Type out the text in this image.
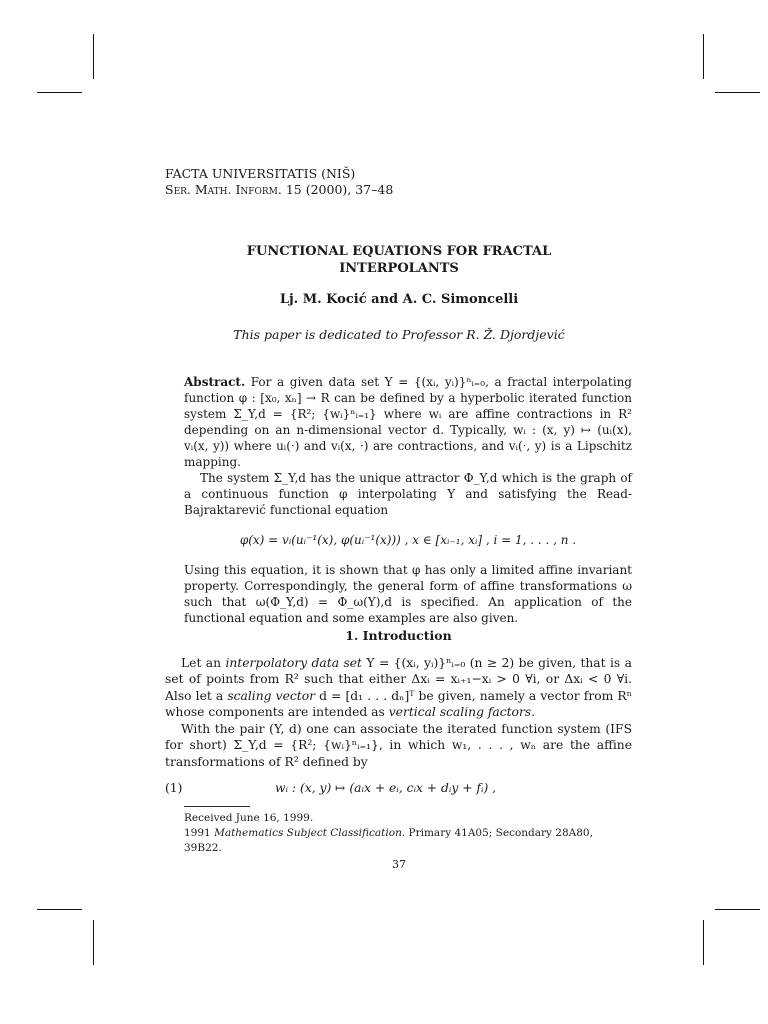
FACTA UNIVERSITATIS (NIŠ)
Ser. Math. Inform. 15 (2000), 37–48
FUNCTIONAL EQUATIONS FOR FRACTAL
INTERPOLANTS
Lj. M. Kocić and A. C. Simoncelli
This paper is dedicated to Professor R. Ž. Djordjević

Abstract. For a given data set Y = {(xᵢ, yᵢ)}ⁿᵢ₌₀, a fractal interpolating function φ : [x₀, xₙ] → R can be defined by a hyperbolic iterated function system Σ_Y,d = {R²; {wᵢ}ⁿᵢ₌₁} where wᵢ are affine contractions in R² depending on an n-dimensional vector d. Typically, wᵢ : (x, y) ↦ (uᵢ(x), vᵢ(x, y)) where uᵢ(·) and vᵢ(x, ·) are contractions, and vᵢ(·, y) is a Lipschitz mapping.

The system Σ_Y,d has the unique attractor Φ_Y,d which is the graph of a continuous function φ interpolating Y and satisfying the Read-Bajraktarević functional equation

φ(x) = vᵢ(uᵢ⁻¹(x), φ(uᵢ⁻¹(x))) , x ∈ [xᵢ₋₁, xᵢ] , i = 1, . . . , n .

Using this equation, it is shown that φ has only a limited affine invariant property. Correspondingly, the general form of affine transformations ω such that ω(Φ_Y,d) = Φ_ω(Y),d is specified. An application of the functional equation and some examples are also given.

1. Introduction

Let an interpolatory data set Y = {(xᵢ, yᵢ)}ⁿᵢ₌₀ (n ≥ 2) be given, that is a set of points from R² such that either Δxᵢ = xᵢ₊₁−xᵢ > 0 ∀i, or Δxᵢ < 0 ∀i. Also let a scaling vector d = [d₁ . . . dₙ]ᵀ be given, namely a vector from Rⁿ whose components are intended as vertical scaling factors.

With the pair (Y, d) one can associate the iterated function system (IFS for short) Σ_Y,d = {R²; {wᵢ}ⁿᵢ₌₁}, in which w₁, . . . , wₙ are the affine transformations of R² defined by

(1)	wᵢ : (x, y) ↦ (aᵢx + eᵢ, cᵢx + dᵢy + fᵢ) ,

Received June 16, 1999.

1991 Mathematics Subject Classification. Primary 41A05; Secondary 28A80, 39B22.

37
